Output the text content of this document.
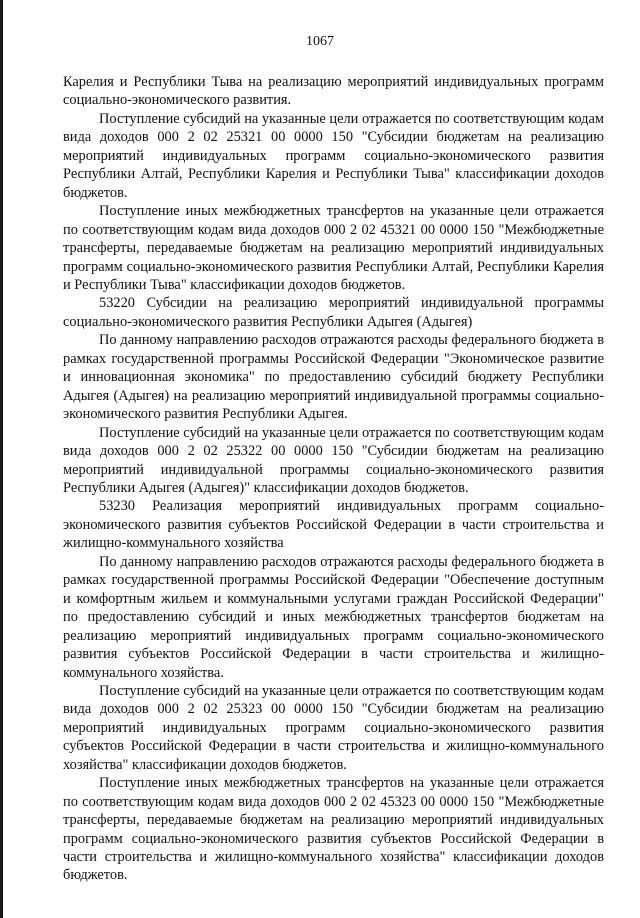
1067

Карелия и Республики Тыва на реализацию мероприятий индивидуальных программ социально-экономического развития.

Поступление субсидий на указанные цели отражается по соответствующим кодам вида доходов 000 2 02 25321 00 0000 150 "Субсидии бюджетам на реализацию мероприятий индивидуальных программ социально-экономического развития Республики Алтай, Республики Карелия и Республики Тыва" классификации доходов бюджетов.

Поступление иных межбюджетных трансфертов на указанные цели отражается по соответствующим кодам вида доходов 000 2 02 45321 00 0000 150 "Межбюджетные трансферты, передаваемые бюджетам на реализацию мероприятий индивидуальных программ социально-экономического развития Республики Алтай, Республики Карелия и Республики Тыва" классификации доходов бюджетов.

53220 Субсидии на реализацию мероприятий индивидуальной программы социально-экономического развития Республики Адыгея (Адыгея)

По данному направлению расходов отражаются расходы федерального бюджета в рамках государственной программы Российской Федерации "Экономическое развитие и инновационная экономика" по предоставлению субсидий бюджету Республики Адыгея (Адыгея) на реализацию мероприятий индивидуальной программы социально-экономического развития Республики Адыгея.

Поступление субсидий на указанные цели отражается по соответствующим кодам вида доходов 000 2 02 25322 00 0000 150 "Субсидии бюджетам на реализацию мероприятий индивидуальной программы социально-экономического развития Республики Адыгея (Адыгея)" классификации доходов бюджетов.

53230 Реализация мероприятий индивидуальных программ социально-экономического развития субъектов Российской Федерации в части строительства и жилищно-коммунального хозяйства

По данному направлению расходов отражаются расходы федерального бюджета в рамках государственной программы Российской Федерации "Обеспечение доступным и комфортным жильем и коммунальными услугами граждан Российской Федерации" по предоставлению субсидий и иных межбюджетных трансфертов бюджетам на реализацию мероприятий индивидуальных программ социально-экономического развития субъектов Российской Федерации в части строительства и жилищно-коммунального хозяйства.

Поступление субсидий на указанные цели отражается по соответствующим кодам вида доходов 000 2 02 25323 00 0000 150 "Субсидии бюджетам на реализацию мероприятий индивидуальных программ социально-экономического развития субъектов Российской Федерации в части строительства и жилищно-коммунального хозяйства" классификации доходов бюджетов.

Поступление иных межбюджетных трансфертов на указанные цели отражается по соответствующим кодам вида доходов 000 2 02 45323 00 0000 150 "Межбюджетные трансферты, передаваемые бюджетам на реализацию мероприятий индивидуальных программ социально-экономического развития субъектов Российской Федерации в части строительства и жилищно-коммунального хозяйства" классификации доходов бюджетов.
